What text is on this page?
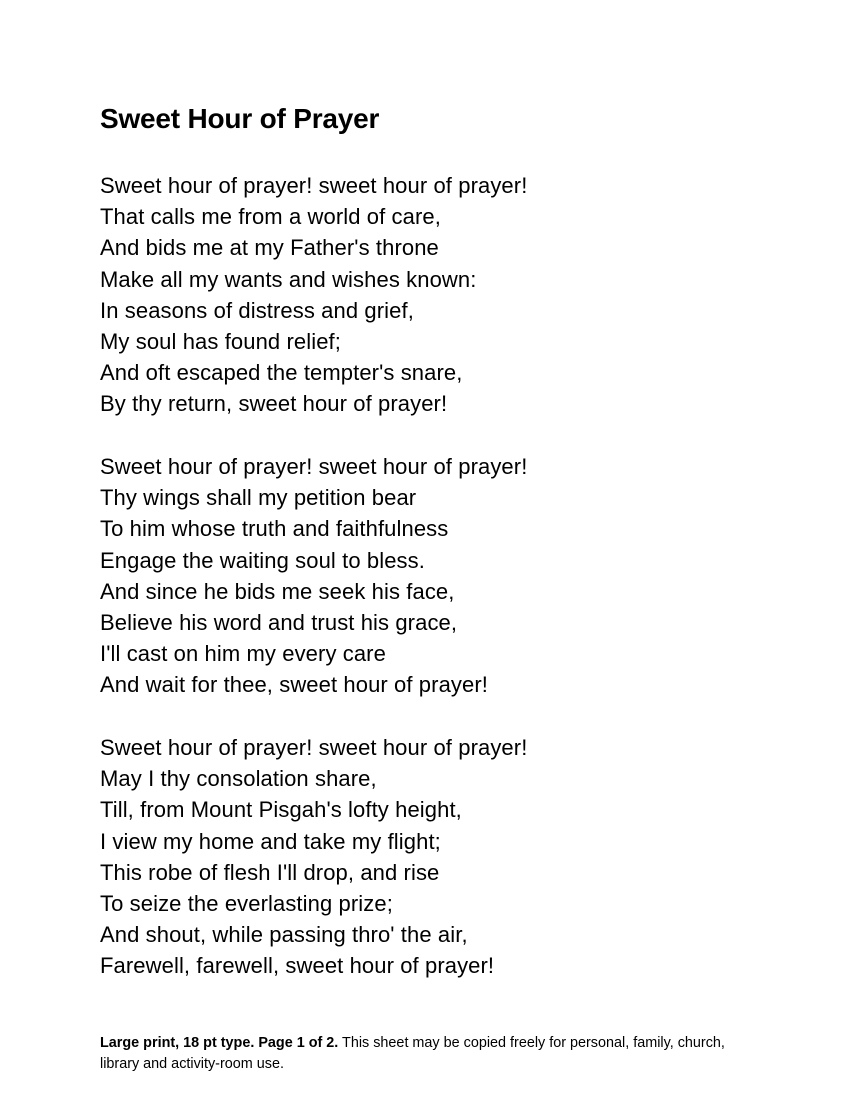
Sweet Hour of Prayer
Sweet hour of prayer! sweet hour of prayer!
That calls me from a world of care,
And bids me at my Father's throne
Make all my wants and wishes known:
In seasons of distress and grief,
My soul has found relief;
And oft escaped the tempter's snare,
By thy return, sweet hour of prayer!
Sweet hour of prayer! sweet hour of prayer!
Thy wings shall my petition bear
To him whose truth and faithfulness
Engage the waiting soul to bless.
And since he bids me seek his face,
Believe his word and trust his grace,
I'll cast on him my every care
And wait for thee, sweet hour of prayer!
Sweet hour of prayer! sweet hour of prayer!
May I thy consolation share,
Till, from Mount Pisgah's lofty height,
I view my home and take my flight;
This robe of flesh I'll drop, and rise
To seize the everlasting prize;
And shout, while passing thro' the air,
Farewell, farewell, sweet hour of prayer!

Large print, 18 pt type. Page 1 of 2. This sheet may be copied freely for personal, family, church, library and activity-room use.
